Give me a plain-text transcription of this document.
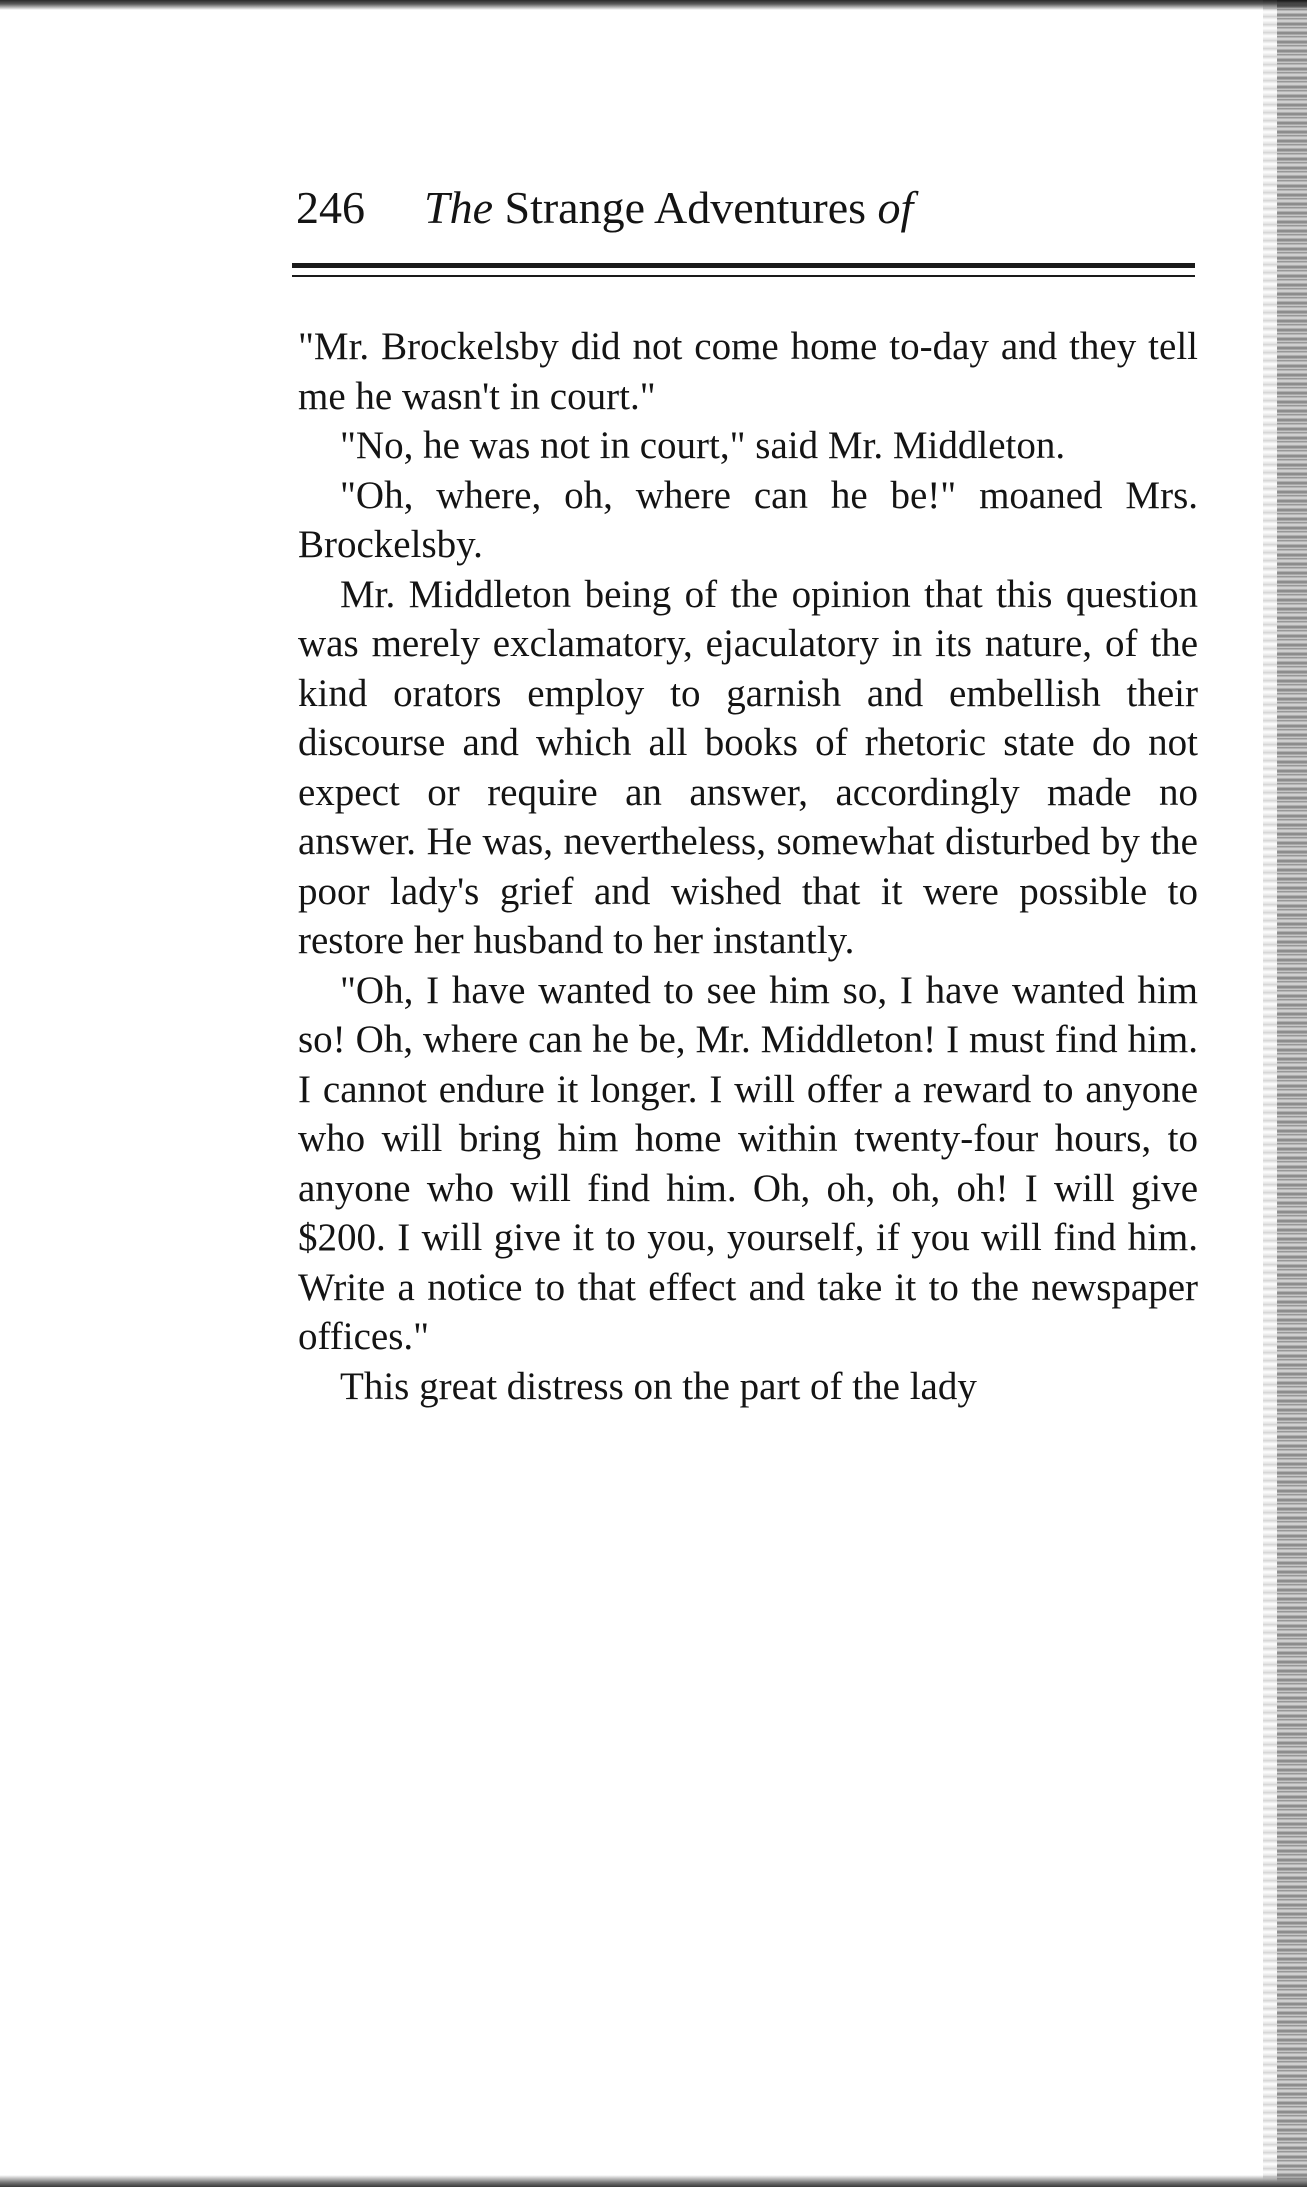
246 The Strange Adventures of

"Mr. Brockelsby did not come home to-day and they tell me he wasn't in court."

"No, he was not in court," said Mr. Middleton.

"Oh, where, oh, where can he be!" moaned Mrs. Brockelsby.

Mr. Middleton being of the opinion that this question was merely exclamatory, ejaculatory in its nature, of the kind orators employ to garnish and embellish their discourse and which all books of rhetoric state do not expect or require an answer, accordingly made no answer. He was, nevertheless, somewhat disturbed by the poor lady's grief and wished that it were possible to restore her husband to her instantly.

"Oh, I have wanted to see him so, I have wanted him so! Oh, where can he be, Mr. Middleton! I must find him. I cannot endure it longer. I will offer a reward to anyone who will bring him home within twenty-four hours, to anyone who will find him. Oh, oh, oh, oh! I will give $200. I will give it to you, yourself, if you will find him. Write a notice to that effect and take it to the newspaper offices."

This great distress on the part of the lady
